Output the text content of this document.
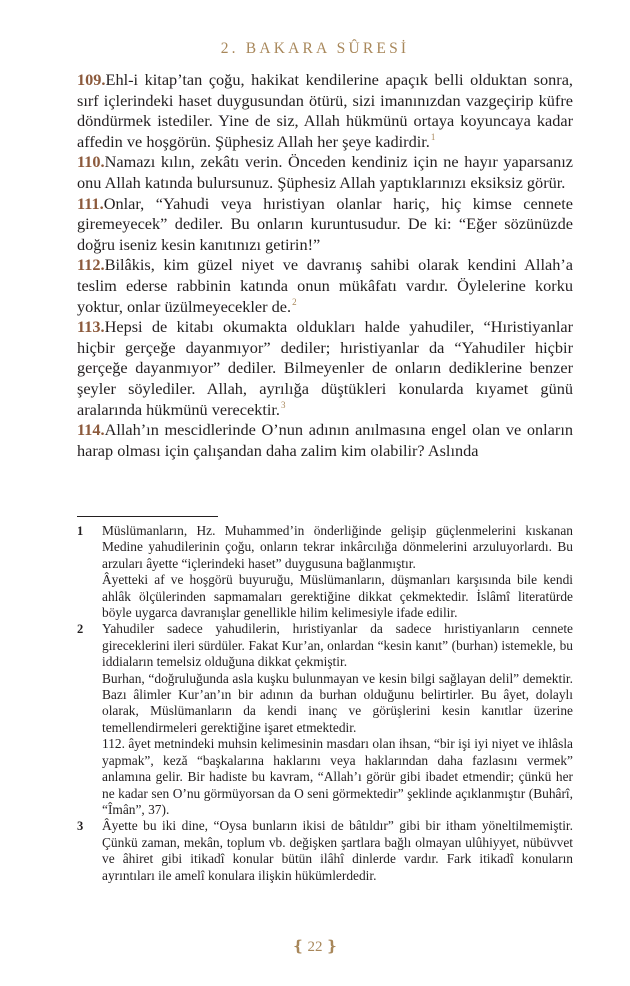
2. BAKARA SÛRESİ

109.Ehl-i kitap’tan çoğu, hakikat kendilerine apaçık belli olduktan sonra, sırf içlerindeki haset duygusundan ötürü, sizi imanınızdan vazgeçirip küfre döndürmek istediler. Yine de siz, Allah hükmünü ortaya koyuncaya kadar affedin ve hoşgörün. Şüphesiz Allah her şeye kadirdir.$^1$

110.Namazı kılın, zekâtı verin. Önceden kendiniz için ne hayır yaparsanız onu Allah katında bulursunuz. Şüphesiz Allah yaptıklarınızı eksiksiz görür.

111.Onlar, “Yahudi veya hıristiyan olanlar hariç, hiç kimse cennete giremeyecek” dediler. Bu onların kuruntusudur. De ki: “Eğer sözünüzde doğru iseniz kesin kanıtınızı getirin!”

112.Bilâkis, kim güzel niyet ve davranış sahibi olarak kendini Allah’a teslim ederse rabbinin katında onun mükâfatı vardır. Öylelerine korku yoktur, onlar üzülmeyecekler de.$^2$

113.Hepsi de kitabı okumakta oldukları halde yahudiler, “Hıristiyanlar hiçbir gerçeğe dayanmıyor” dediler; hıristiyanlar da “Yahudiler hiçbir gerçeğe dayanmıyor” dediler. Bilmeyenler de onların dediklerine benzer şeyler söylediler. Allah, ayrılığa düştükleri konularda kıyamet günü aralarında hükmünü verecektir.$^3$

114.Allah’ın mescidlerinde O’nun adının anılmasına engel olan ve onların harap olması için çalışandan daha zalim kim olabilir? Aslında

1	Müslümanların, Hz. Muhammed’in önderliğinde gelişip güçlenmelerini kıskanan Medine yahudilerinin çoğu, onların tekrar inkârcılığa dönmelerini arzuluyorlardı. Bu arzuları âyette “içlerindeki haset” duygusuna bağlanmıştır.

Âyetteki af ve hoşgörü buyuruğu, Müslümanların, düşmanları karşısında bile kendi ahlâk ölçülerinden sapmamaları gerektiğine dikkat çekmektedir. İslâmî literatürde böyle uygarca davranışlar genellikle hilim kelimesiyle ifade edilir.

2	Yahudiler sadece yahudilerin, hıristiyanlar da sadece hıristiyanların cennete gireceklerini ileri sürdüler. Fakat Kur’an, onlardan “kesin kanıt” (burhan) istemekle, bu iddiaların temelsiz olduğuna dikkat çekmiştir.

Burhan, “doğruluğunda asla kuşku bulunmayan ve kesin bilgi sağlayan delil” demektir. Bazı âlimler Kur’an’ın bir adının da burhan olduğunu belirtirler. Bu âyet, dolaylı olarak, Müslümanların da kendi inanç ve görüşlerini kesin kanıtlar üzerine temellendirmeleri gerektiğine işaret etmektedir.

112. âyet metnindeki muhsin kelimesinin masdarı olan ihsan, “bir işi iyi niyet ve ihlâsla yapmak”, keză “başkalarına haklarını veya haklarından daha fazlasını vermek” anlamına gelir. Bir hadiste bu kavram, “Allah’ı görür gibi ibadet etmendir; çünkü her ne kadar sen O’nu görmüyorsan da O seni görmektedir” şeklinde açıklanmıştır (Buhârî, “Îmân”, 37).

3	Âyette bu iki dine, “Oysa bunların ikisi de bâtıldır” gibi bir itham yöneltilmemiştir. Çünkü zaman, mekân, toplum vb. değişken şartlara bağlı olmayan ulûhiyyet, nübüvvet ve âhiret gibi itikadî konular bütün ilâhî dinlerde vardır. Fark itikadî konuların ayrıntıları ile amelî konulara ilişkin hükümlerdedir.

❴ 22 ❵
